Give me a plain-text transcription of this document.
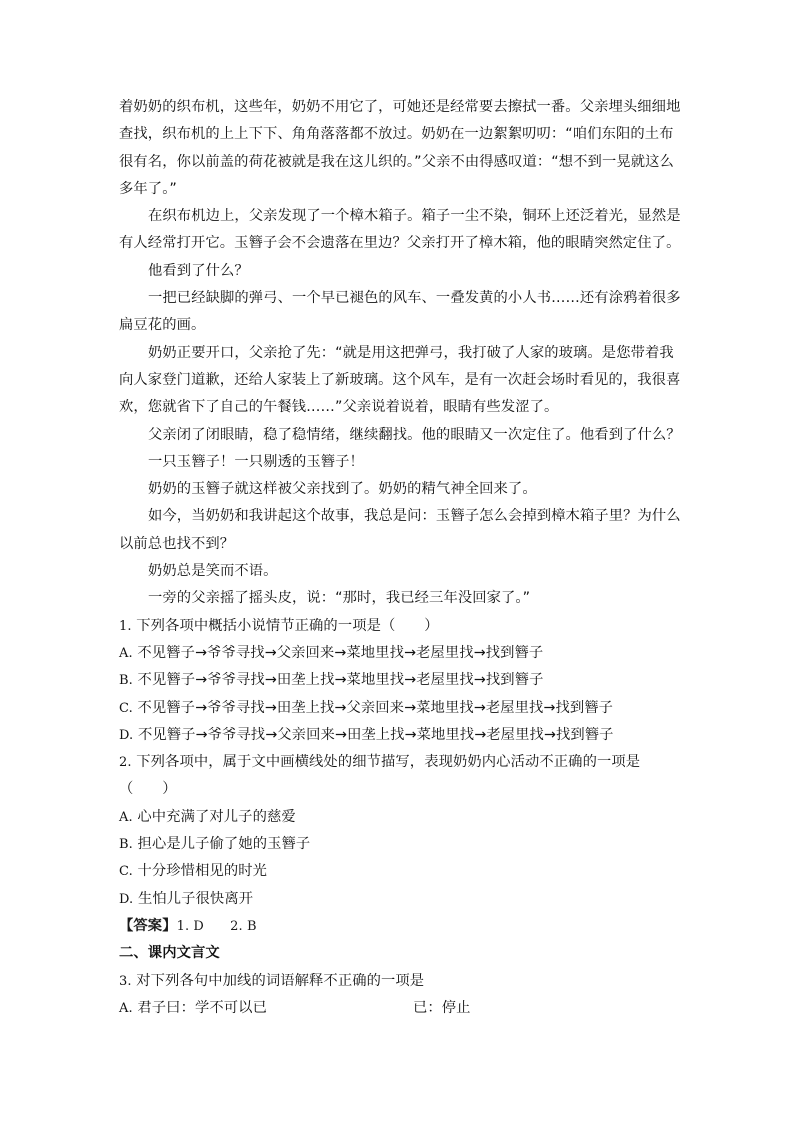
着奶奶的织布机，这些年，奶奶不用它了，可她还是经常要去擦拭一番。父亲埋头细细地
查找，织布机的上上下下、角角落落都不放过。奶奶在一边絮絮叨叨：“咱们东阳的土布
很有名，你以前盖的荷花被就是我在这儿织的。”父亲不由得感叹道：“想不到一晃就这么
多年了。”
在织布机边上，父亲发现了一个樟木箱子。箱子一尘不染，铜环上还泛着光，显然是
有人经常打开它。玉簪子会不会遗落在里边？父亲打开了樟木箱，他的眼睛突然定住了。
他看到了什么？
一把已经缺脚的弹弓、一个早已褪色的风车、一叠发黄的小人书……还有涂鸦着很多
扁豆花的画。
奶奶正要开口，父亲抢了先：“就是用这把弹弓，我打破了人家的玻璃。是您带着我
向人家登门道歉，还给人家装上了新玻璃。这个风车，是有一次赶会场时看见的，我很喜
欢，您就省下了自己的午餐钱……”父亲说着说着，眼睛有些发涩了。
父亲闭了闭眼睛，稳了稳情绪，继续翻找。他的眼睛又一次定住了。他看到了什么？
一只玉簪子！一只剔透的玉簪子！
奶奶的玉簪子就这样被父亲找到了。奶奶的精气神全回来了。
如今，当奶奶和我讲起这个故事，我总是问：玉簪子怎么会掉到樟木箱子里？为什么
以前总也找不到？
奶奶总是笑而不语。
一旁的父亲摇了摇头皮，说：“那时，我已经三年没回家了。”
1. 下列各项中概括小说情节正确的一项是（　　）
A. 不见簪子→爷爷寻找→父亲回来→菜地里找→老屋里找→找到簪子
B. 不见簪子→爷爷寻找→田垄上找→菜地里找→老屋里找→找到簪子
C. 不见簪子→爷爷寻找→田垄上找→父亲回来→菜地里找→老屋里找→找到簪子
D. 不见簪子→爷爷寻找→父亲回来→田垄上找→菜地里找→老屋里找→找到簪子
2. 下列各项中，属于文中画横线处的细节描写，表现奶奶内心活动不正确的一项是
（　　）
A. 心中充满了对儿子的慈爱
B. 担心是儿子偷了她的玉簪子
C. 十分珍惜相见的时光
D. 生怕儿子很快离开
【答案】1. D　　2. B
二、课内文言文
3. 对下列各句中加线的词语解释不正确的一项是
A. 君子曰：学不可以已	已：停止
